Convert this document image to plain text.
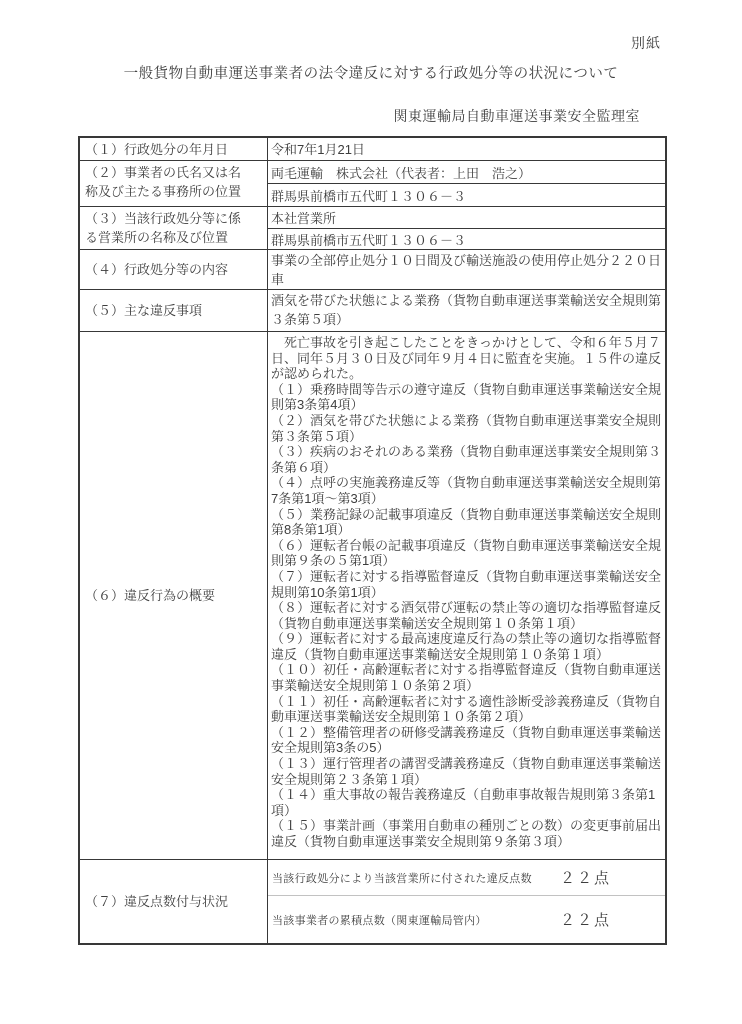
別紙
一般貨物自動車運送事業者の法令違反に対する行政処分等の状況について
関東運輸局自動車運送事業安全監理室
（１）行政処分の年月日	令和7年1月21日
（２）事業者の氏名又は名称及び主たる事務所の位置
両毛運輸　株式会社（代表者：上田　浩之）
群馬県前橋市五代町１３０６－３
（３）当該行政処分等に係る営業所の名称及び位置
本社営業所
群馬県前橋市五代町１３０６－３
（４）行政処分等の内容
事業の全部停止処分１０日間及び輸送施設の使用停止処分２２０日車
（５）主な違反事項
酒気を帯びた状態による業務（貨物自動車運送事業輸送安全規則第３条第５項）
（６）違反行為の概要
死亡事故を引き起こしたことをきっかけとして、令和６年５月７日、同年５月３０日及び同年９月４日に監査を実施。１５件の違反が認められた。
（１）乗務時間等告示の遵守違反（貨物自動車運送事業輸送安全規則第3条第4項）
（２）酒気を帯びた状態による業務（貨物自動車運送事業安全規則第３条第５項）
（３）疾病のおそれのある業務（貨物自動車運送事業安全規則第３条第６項）
（４）点呼の実施義務違反等（貨物自動車運送事業輸送安全規則第7条第1項～第3項）
（５）業務記録の記載事項違反（貨物自動車運送事業輸送安全規則第8条第1項）
（６）運転者台帳の記載事項違反（貨物自動車運送事業輸送安全規則第９条の５第1項）
（７）運転者に対する指導監督違反（貨物自動車運送事業輸送安全規則第10条第1項）
（８）運転者に対する酒気帯び運転の禁止等の適切な指導監督違反（貨物自動車運送事業輸送安全規則第１０条第１項）
（９）運転者に対する最高速度違反行為の禁止等の適切な指導監督違反（貨物自動車運送事業輸送安全規則第１０条第１項）
（１０）初任・高齢運転者に対する指導監督違反（貨物自動車運送事業輸送安全規則第１０条第２項）
（１１）初任・高齢運転者に対する適性診断受診義務違反（貨物自動車運送事業輸送安全規則第１０条第２項）
（１２）整備管理者の研修受講義務違反（貨物自動車運送事業輸送安全規則第3条の5）
（１３）運行管理者の講習受講義務違反（貨物自動車運送事業輸送安全規則第２３条第１項）
（１４）重大事故の報告義務違反（自動車事故報告規則第３条第1項）
（１５）事業計画（事業用自動車の種別ごとの数）の変更事前届出違反（貨物自動車運送事業安全規則第９条第３項）
（７）違反点数付与状況
当該行政処分により当該営業所に付された違反点数 ２２点
当該事業者の累積点数（関東運輸局管内）	２２点
